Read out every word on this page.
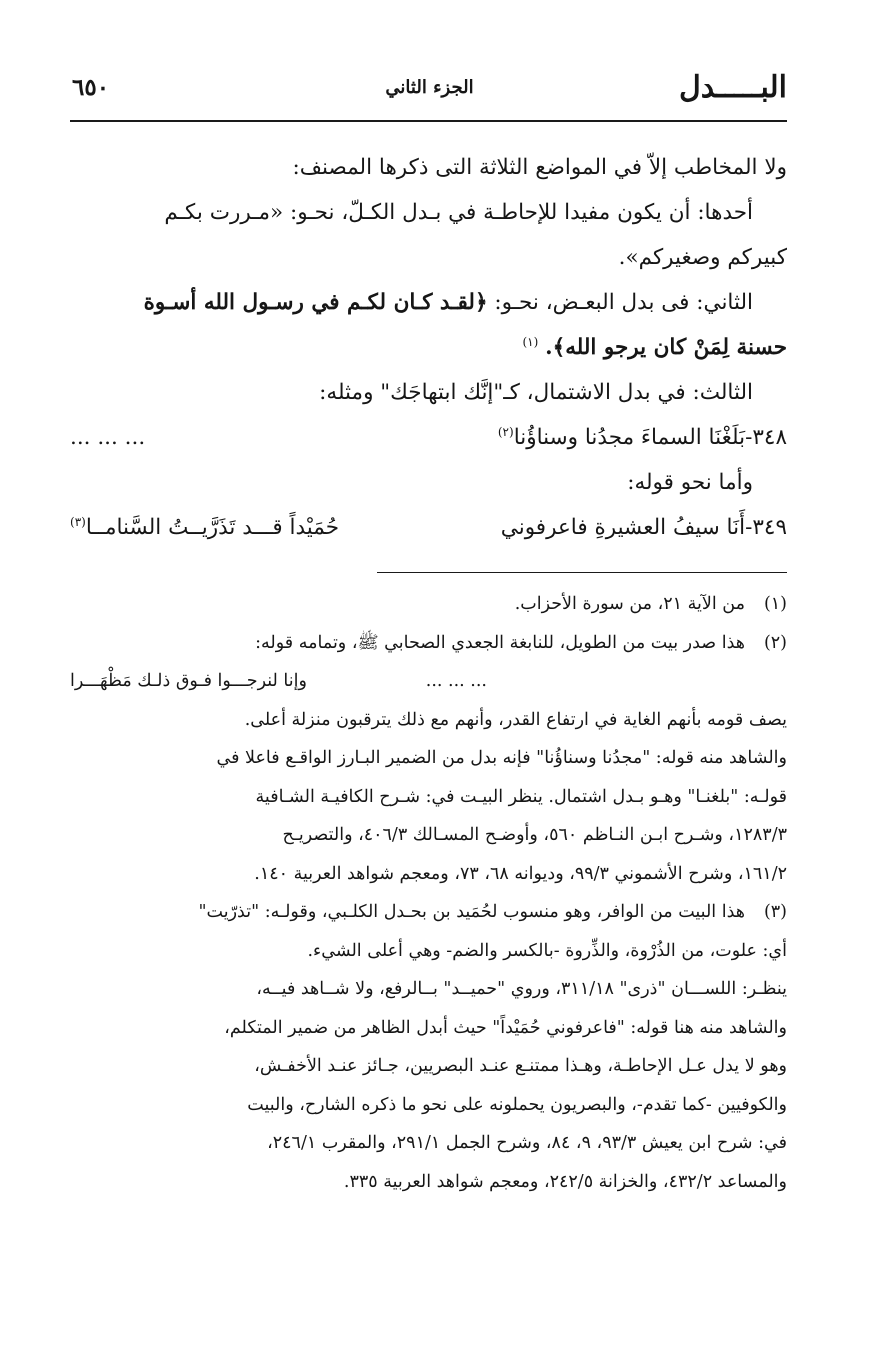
البـــــدل
الجزء الثاني
٦٥٠
ولا المخاطب إلاّ في المواضع الثلاثة التى ذكرها المصنف:
أحدها: أن يكون مفيدا للإحاطـة في بـدل الكـلّ، نحـو: «مـررت بكـم
كبيركم وصغيركم».
الثاني: فى بدل البعـض، نحـو: ﴿لقـد كـان لكـم في رسـول الله أسـوة
حسنة لِمَنْ كان يرجو الله﴾. $^{(١)}$
الثالث: في بدل الاشتمال، كـ"إنَّك ابتهاجَك" ومثله:
٣٤٨-بَلَغْنَا السماءَ مجدُنا وسناؤُنا$^{(٢)}$
... ... ...
وأما نحو قوله:
٣٤٩-أَنَا سيفُ العشيرةِ فاعرفوني
حُمَيْداً قـــد تَذَرَّيــتُ السَّنامــا$^{(٣)}$
(١)
من الآية ٢١، من سورة الأحزاب.
(٢)
هذا صدر بيت من الطويل، للنابغة الجعدي الصحابي ﷺ، وتمامه قوله:
... ... ...
وإنا لنرجـــوا فـوق ذلـك مَظْهَـــرا
يصف قومه بأنهم الغاية في ارتفاع القدر، وأنهم مع ذلك يترقبون منزلة أعلى.
والشاهد منه قوله: "مجدُنا وسناؤُنا" فإنه بدل من الضمير البـارز الواقـع فاعلا في
قولـه: "بلغنـا" وهـو بـدل اشتمال. ينظر البيـت في: شـرح الكافيـة الشـافية
١٢٨٣/٣، وشـرح ابـن النـاظم ٥٦٠، وأوضـح المسـالك ٤٠٦/٣، والتصريـح
١٦١/٢، وشرح الأشموني ٩٩/٣، وديوانه ٦٨، ٧٣، ومعجم شواهد العربية ١٤٠.
(٣)
هذا البيت من الوافر، وهو منسوب لحُمَيد بن بحـدل الكلـبي، وقولـه: "تذرّيت"
أي: علوت، من الذُرْوة، والذِّروة -بالكسر والضم- وهي أعلى الشيء.
ينظـر: اللســـان "ذرى" ٣١١/١٨، وروي "حميــد" بــالرفع، ولا شــاهد فيــه،
والشاهد منه هنا قوله: "فاعرفوني حُمَيْداً" حيث أبدل الظاهر من ضمير المتكلم،
وهو لا يدل عـل الإحاطـة، وهـذا ممتنـع عنـد البصريين، جـائز عنـد الأخفـش،
والكوفيين -كما تقدم-، والبصريون يحملونه على نحو ما ذكره الشارح، والبيت
في: شرح ابن يعيش ٩٣/٣، ٩، ٨٤، وشرح الجمل ٢٩١/١، والمقرب ٢٤٦/١،
والمساعد ٤٣٢/٢، والخزانة ٢٤٢/٥، ومعجم شواهد العربية ٣٣٥.
